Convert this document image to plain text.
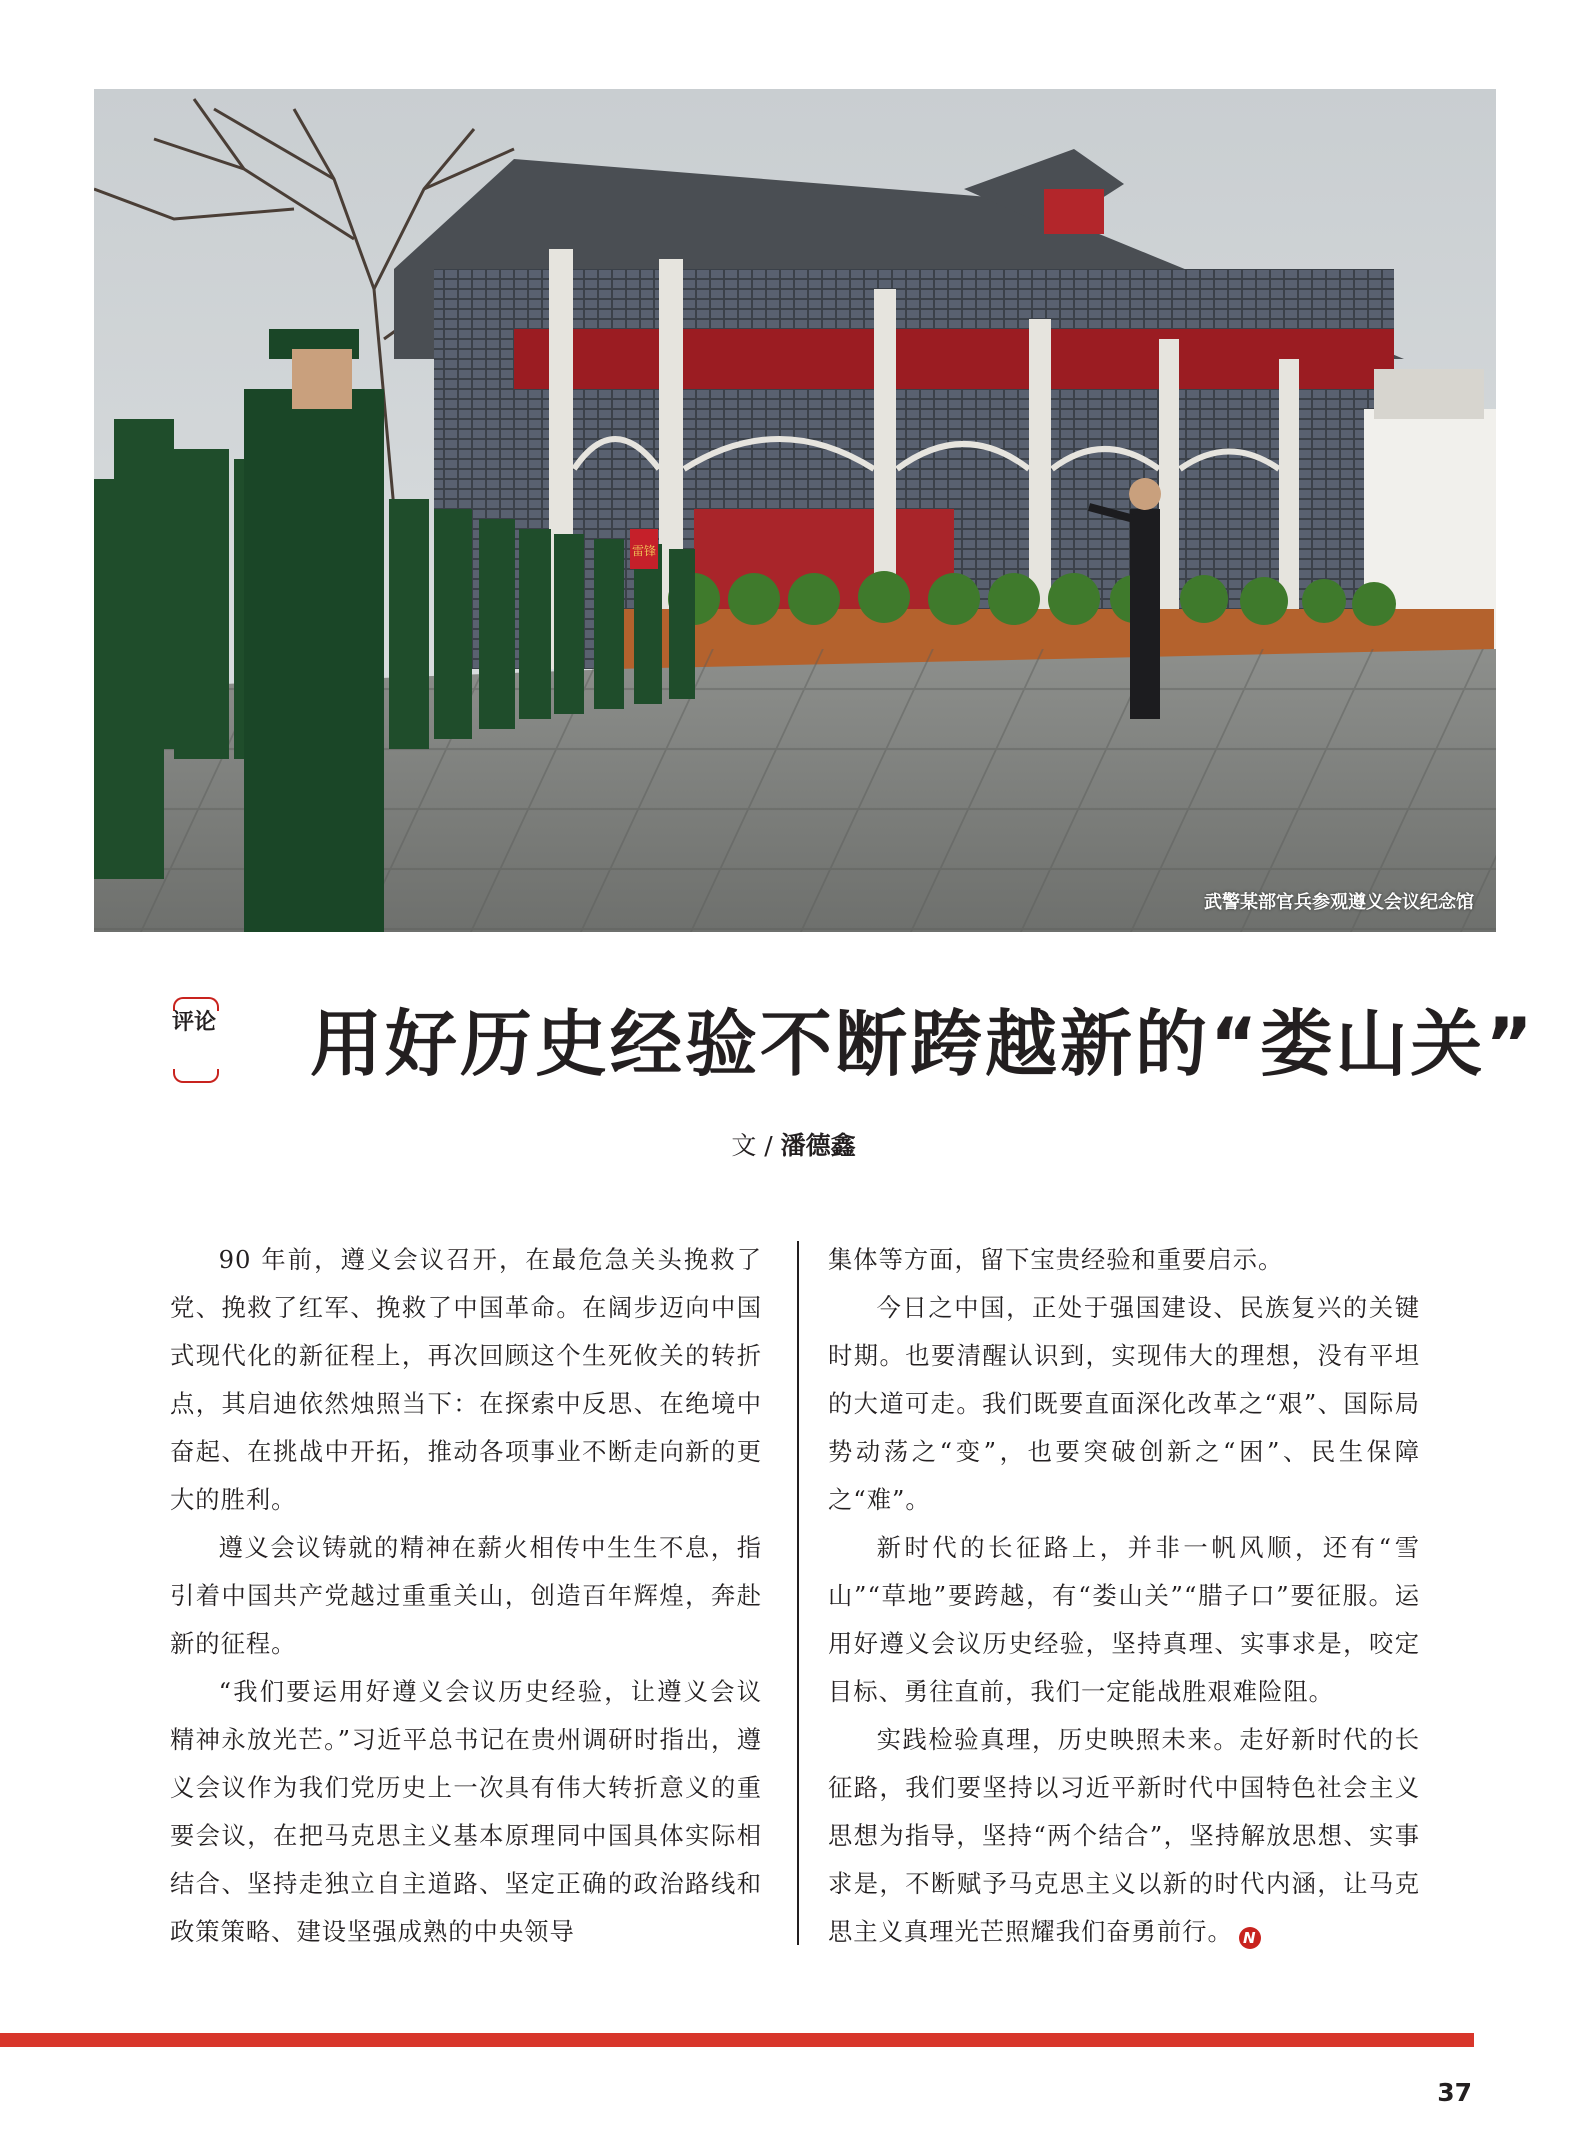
雷锋
武警某部官兵参观遵义会议纪念馆
评论 用好历史经验不断跨越新的“娄山关”
文 / 潘德鑫

90 年前，遵义会议召开，在最危急关头挽救了党、挽救了红军、挽救了中国革命。在阔步迈向中国式现代化的新征程上，再次回顾这个生死攸关的转折点，其启迪依然烛照当下：在探索中反思、在绝境中奋起、在挑战中开拓，推动各项事业不断走向新的更大的胜利。

遵义会议铸就的精神在薪火相传中生生不息，指引着中国共产党越过重重关山，创造百年辉煌，奔赴新的征程。

“我们要运用好遵义会议历史经验，让遵义会议精神永放光芒。”习近平总书记在贵州调研时指出，遵义会议作为我们党历史上一次具有伟大转折意义的重要会议，在把马克思主义基本原理同中国具体实际相结合、坚持走独立自主道路、坚定正确的政治路线和政策策略、建设坚强成熟的中央领导

集体等方面，留下宝贵经验和重要启示。

今日之中国，正处于强国建设、民族复兴的关键时期。也要清醒认识到，实现伟大的理想，没有平坦的大道可走。我们既要直面深化改革之“艰”、国际局势动荡之“变”，也要突破创新之“困”、民生保障之“难”。

新时代的长征路上，并非一帆风顺，还有“雪山”“草地”要跨越，有“娄山关”“腊子口”要征服。运用好遵义会议历史经验，坚持真理、实事求是，咬定目标、勇往直前，我们一定能战胜艰难险阻。

实践检验真理，历史映照未来。走好新时代的长征路，我们要坚持以习近平新时代中国特色社会主义思想为指导，坚持“两个结合”，坚持解放思想、实事求是，不断赋予马克思主义以新的时代内涵，让马克思主义真理光芒照耀我们奋勇前行。 N

37
